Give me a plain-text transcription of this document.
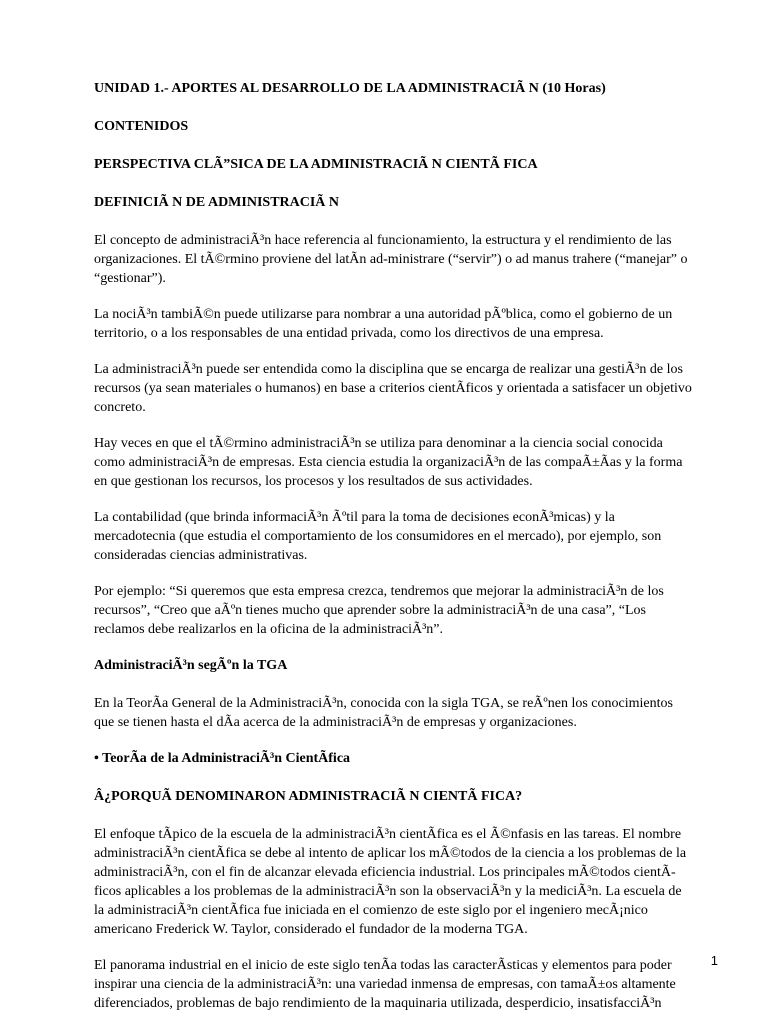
UNIDAD 1.- APORTES AL DESARROLLO DE LA ADMINISTRACIÃ N (10 Horas)
CONTENIDOS
PERSPECTIVA CLÃ”SICA DE LA ADMINISTRACIÃ N CIENTÃ FICA
DEFINICIÃ N DE ADMINISTRACIÃ N

El concepto de administraciÃ³n hace referencia al funcionamiento, la estructura y el rendimiento de las organizaciones. El tÃ©rmino proviene del latÃn ad-ministrare (“servir”) o ad manus trahere (“manejar” o “gestionar”).

La nociÃ³n tambiÃ©n puede utilizarse para nombrar a una autoridad pÃºblica, como el gobierno de un territorio, o a los responsables de una entidad privada, como los directivos de una empresa.

La administraciÃ³n puede ser entendida como la disciplina que se encarga de realizar una gestiÃ³n de los recursos (ya sean materiales o humanos) en base a criterios cientÃficos y orientada a satisfacer un objetivo concreto.

Hay veces en que el tÃ©rmino administraciÃ³n se utiliza para denominar a la ciencia social conocida como administraciÃ³n de empresas. Esta ciencia estudia la organizaciÃ³n de las compaÃ±Ãas y la forma en que gestionan los recursos, los procesos y los resultados de sus actividades.

La contabilidad (que brinda informaciÃ³n Ãºtil para la toma de decisiones econÃ³micas) y la mercadotecnia (que estudia el comportamiento de los consumidores en el mercado), por ejemplo, son consideradas ciencias administrativas.

Por ejemplo: “Si queremos que esta empresa crezca, tendremos que mejorar la administraciÃ³n de los recursos”, “Creo que aÃºn tienes mucho que aprender sobre la administraciÃ³n de una casa”, “Los reclamos debe realizarlos en la oficina de la administraciÃ³n”.

AdministraciÃ³n segÃºn la TGA

En la TeorÃa General de la AdministraciÃ³n, conocida con la sigla TGA, se reÃºnen los conocimientos que se tienen hasta el dÃa acerca de la administraciÃ³n de empresas y organizaciones.

• TeorÃa de la AdministraciÃ³n CientÃfica
Â¿PORQUÃ DENOMINARON ADMINISTRACIÃ N CIENTÃ FICA?

El enfoque tÃpico de la escuela de la administraciÃ³n cientÃfica es el Ã©nfasis en las tareas. El nombre administraciÃ³n cientÃfica se debe al intento de aplicar los mÃ©todos de la ciencia a los problemas de la administraciÃ³n, con el fin de alcanzar elevada eficiencia industrial. Los principales mÃ©todos cientÃficos aplicables a los problemas de la administraciÃ³n son la observaciÃ³n y la mediciÃ³n. La escuela de la administraciÃ³n cientÃfica fue iniciada en el comienzo de este siglo por el ingeniero mecÃ¡nico americano Frederick W. Taylor, considerado el fundador de la moderna TGA.

El panorama industrial en el inicio de este siglo tenÃa todas las caracterÃsticas y elementos para poder inspirar una ciencia de la administraciÃ³n: una variedad inmensa de empresas, con tamaÃ±os altamente diferenciados, problemas de bajo rendimiento de la maquinaria utilizada, desperdicio, insatisfacciÃ³n

1
